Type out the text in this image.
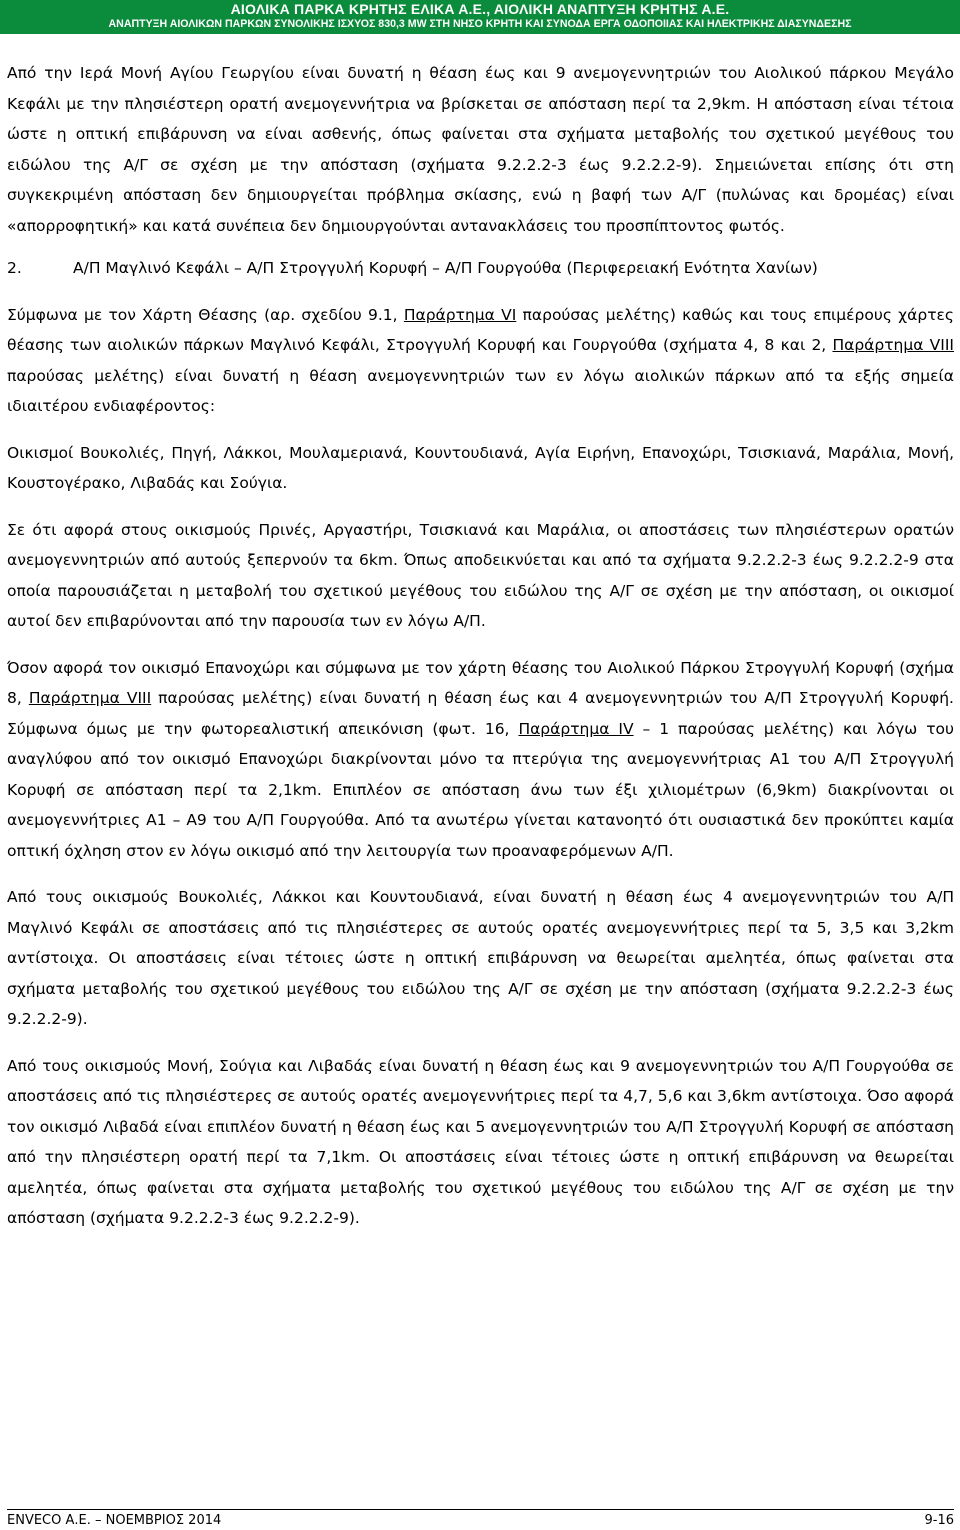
ΑΙΟΛΙΚΑ ΠΑΡΚΑ ΚΡΗΤΗΣ ΕΛΙΚΑ Α.Ε., ΑΙΟΛΙΚΗ ΑΝΑΠΤΥΞΗ ΚΡΗΤΗΣ Α.Ε.
ΑΝΑΠΤΥΞΗ ΑΙΟΛΙΚΩΝ ΠΑΡΚΩΝ ΣΥΝΟΛΙΚΗΣ ΙΣΧΥΟΣ 830,3 MW ΣΤΗ ΝΗΣΟ ΚΡΗΤΗ ΚΑΙ ΣΥΝΟΔΑ ΕΡΓΑ ΟΔΟΠΟΙΙΑΣ ΚΑΙ ΗΛΕΚΤΡΙΚΗΣ ΔΙΑΣΥΝΔΕΣΗΣ

Από την Ιερά Μονή Αγίου Γεωργίου είναι δυνατή η θέαση έως και 9 ανεμογεννητριών του Αιολικού πάρκου Μεγάλο Κεφάλι με την πλησιέστερη ορατή ανεμογεννήτρια να βρίσκεται σε απόσταση περί τα 2,9km. Η απόσταση είναι τέτοια ώστε η οπτική επιβάρυνση να είναι ασθενής, όπως φαίνεται στα σχήματα μεταβολής του σχετικού μεγέθους του ειδώλου της Α/Γ σε σχέση με την απόσταση (σχήματα 9.2.2.2-3 έως 9.2.2.2-9). Σημειώνεται επίσης ότι στη συγκεκριμένη απόσταση δεν δημιουργείται πρόβλημα σκίασης, ενώ η βαφή των Α/Γ (πυλώνας και δρομέας) είναι «απορροφητική» και κατά συνέπεια δεν δημιουργούνται αντανακλάσεις του προσπίπτοντος φωτός.

2.	Α/Π Μαγλινό Κεφάλι – Α/Π Στρογγυλή Κορυφή – Α/Π Γουργούθα (Περιφερειακή Ενότητα Χανίων)

Σύμφωνα με τον Χάρτη Θέασης (αρ. σχεδίου 9.1, Παράρτημα VI παρούσας μελέτης) καθώς και τους επιμέρους χάρτες θέασης των αιολικών πάρκων Μαγλινό Κεφάλι, Στρογγυλή Κορυφή και Γουργούθα (σχήματα 4, 8 και 2, Παράρτημα VIII παρούσας μελέτης) είναι δυνατή η θέαση ανεμογεννητριών των εν λόγω αιολικών πάρκων από τα εξής σημεία ιδιαιτέρου ενδιαφέροντος:

Οικισμοί Βουκολιές, Πηγή, Λάκκοι, Μουλαμεριανά, Κουντουδιανά, Αγία Ειρήνη, Επανοχώρι, Τσισκιανά, Μαράλια, Μονή, Κουστογέρακο, Λιβαδάς και Σούγια.

Σε ότι αφορά στους οικισμούς Πρινές, Αργαστήρι, Τσισκιανά και Μαράλια, οι αποστάσεις των πλησιέστερων ορατών ανεμογεννητριών από αυτούς ξεπερνούν τα 6km. Όπως αποδεικνύεται και από τα σχήματα 9.2.2.2-3 έως 9.2.2.2-9 στα οποία παρουσιάζεται η μεταβολή του σχετικού μεγέθους του ειδώλου της Α/Γ σε σχέση με την απόσταση, οι οικισμοί αυτοί δεν επιβαρύνονται από την παρουσία των εν λόγω Α/Π.

Όσον αφορά τον οικισμό Επανοχώρι και σύμφωνα με τον χάρτη θέασης του Αιολικού Πάρκου Στρογγυλή Κορυφή (σχήμα 8, Παράρτημα VIII παρούσας μελέτης) είναι δυνατή η θέαση έως και 4 ανεμογεννητριών του Α/Π Στρογγυλή Κορυφή. Σύμφωνα όμως με την φωτορεαλιστική απεικόνιση (φωτ. 16, Παράρτημα IV – 1 παρούσας μελέτης) και λόγω του αναγλύφου από τον οικισμό Επανοχώρι διακρίνονται μόνο τα πτερύγια της ανεμογεννήτριας Α1 του Α/Π Στρογγυλή Κορυφή σε απόσταση περί τα 2,1km. Επιπλέον σε απόσταση άνω των έξι χιλιομέτρων (6,9km) διακρίνονται οι ανεμογεννήτριες Α1 – Α9 του Α/Π Γουργούθα. Από τα ανωτέρω γίνεται κατανοητό ότι ουσιαστικά δεν προκύπτει καμία οπτική όχληση στον εν λόγω οικισμό από την λειτουργία των προαναφερόμενων Α/Π.

Από τους οικισμούς Βουκολιές, Λάκκοι και Κουντουδιανά, είναι δυνατή η θέαση έως 4 ανεμογεννητριών του Α/Π Μαγλινό Κεφάλι σε αποστάσεις από τις πλησιέστερες σε αυτούς ορατές ανεμογεννήτριες περί τα 5, 3,5 και 3,2km αντίστοιχα. Οι αποστάσεις είναι τέτοιες ώστε η οπτική επιβάρυνση να θεωρείται αμελητέα, όπως φαίνεται στα σχήματα μεταβολής του σχετικού μεγέθους του ειδώλου της Α/Γ σε σχέση με την απόσταση (σχήματα 9.2.2.2-3 έως 9.2.2.2-9).

Από τους οικισμούς Μονή, Σούγια και Λιβαδάς είναι δυνατή η θέαση έως και 9 ανεμογεννητριών του Α/Π Γουργούθα σε αποστάσεις από τις πλησιέστερες σε αυτούς ορατές ανεμογεννήτριες περί τα 4,7, 5,6 και 3,6km αντίστοιχα. Όσο αφορά τον οικισμό Λιβαδά είναι επιπλέον δυνατή η θέαση έως και 5 ανεμογεννητριών του Α/Π Στρογγυλή Κορυφή σε απόσταση από την πλησιέστερη ορατή περί τα 7,1km. Οι αποστάσεις είναι τέτοιες ώστε η οπτική επιβάρυνση να θεωρείται αμελητέα, όπως φαίνεται στα σχήματα μεταβολής του σχετικού μεγέθους του ειδώλου της Α/Γ σε σχέση με την απόσταση (σχήματα 9.2.2.2-3 έως 9.2.2.2-9).

ENVECO Α.Ε. – ΝΟΕΜΒΡΙΟΣ 2014	9-16
